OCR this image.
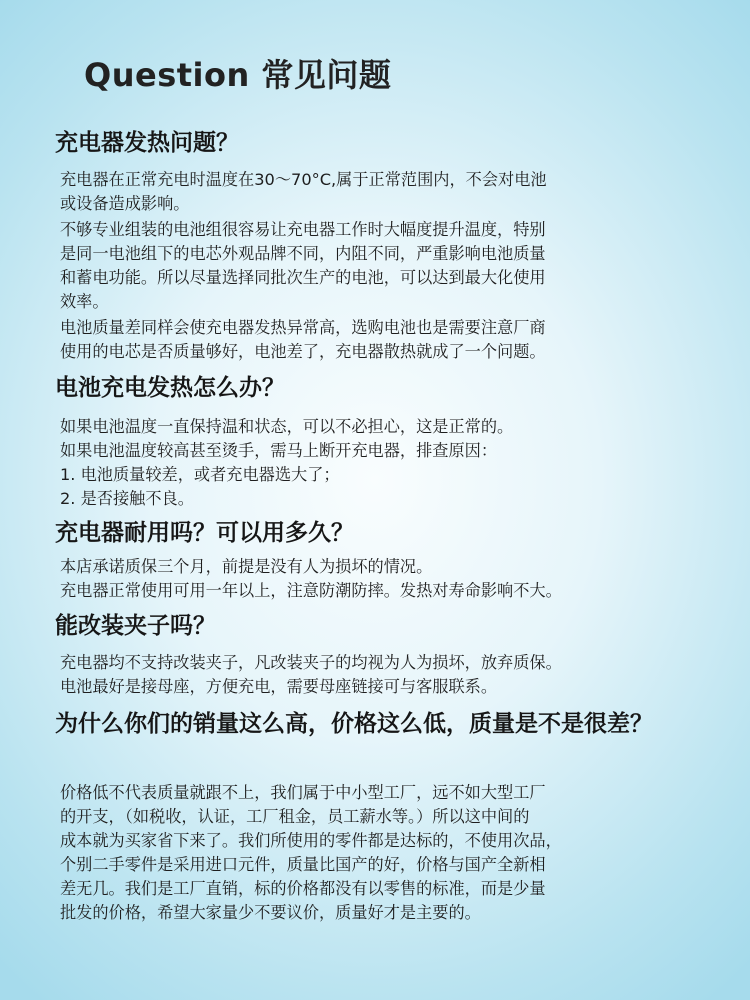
Question 常见问题
充电器发热问题？

充电器在正常充电时温度在30～70°C,属于正常范围内，不会对电池
或设备造成影响。

不够专业组装的电池组很容易让充电器工作时大幅度提升温度，特别
是同一电池组下的电芯外观品牌不同，内阻不同，严重影响电池质量
和蓄电功能。所以尽量选择同批次生产的电池，可以达到最大化使用
效率。

电池质量差同样会使充电器发热异常高，选购电池也是需要注意厂商
使用的电芯是否质量够好，电池差了，充电器散热就成了一个问题。

电池充电发热怎么办？

如果电池温度一直保持温和状态，可以不必担心，这是正常的。
如果电池温度较高甚至烫手，需马上断开充电器，排查原因：
1. 电池质量较差，或者充电器选大了；
2. 是否接触不良。

充电器耐用吗？可以用多久？

本店承诺质保三个月，前提是没有人为损坏的情况。
充电器正常使用可用一年以上，注意防潮防摔。发热对寿命影响不大。

能改装夹子吗？

充电器均不支持改装夹子，凡改装夹子的均视为人为损坏，放弃质保。
电池最好是接母座，方便充电，需要母座链接可与客服联系。

为什么你们的销量这么高，价格这么低，质量是不是很差？

价格低不代表质量就跟不上，我们属于中小型工厂，远不如大型工厂
的开支，（如税收，认证，工厂租金，员工薪水等。）所以这中间的
成本就为买家省下来了。我们所使用的零件都是达标的，不使用次品，
个别二手零件是采用进口元件，质量比国产的好，价格与国产全新相
差无几。我们是工厂直销，标的价格都没有以零售的标准，而是少量
批发的价格，希望大家量少不要议价，质量好才是主要的。
